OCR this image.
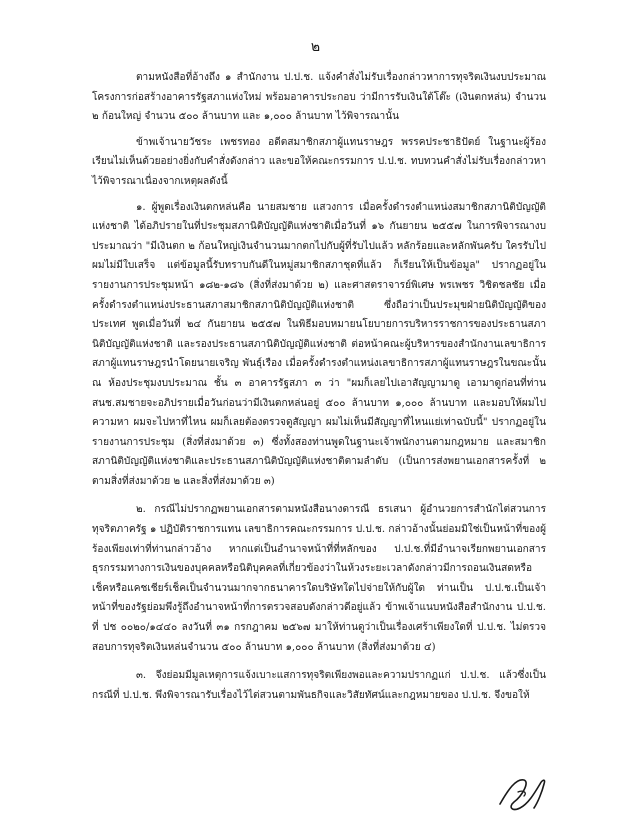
๒

ตามหนังสือที่อ้างถึง ๑ สำนักงาน ป.ป.ช. แจ้งคำสั่งไม่รับเรื่องกล่าวหาการทุจริตเงินงบประมาณโครงการก่อสร้างอาคารรัฐสภาแห่งใหม่ พร้อมอาคารประกอบ ว่ามีการรับเงินใต้โต๊ะ (เงินตกหล่น) จำนวน ๒ ก้อนใหญ่ จำนวน ๕๐๐ ล้านบาท และ ๑,๐๐๐ ล้านบาท ไว้พิจารณานั้น

ข้าพเจ้านายวัชระ เพชรทอง อดีตสมาชิกสภาผู้แทนราษฎร พรรคประชาธิปัตย์ ในฐานะผู้ร้องเรียนไม่เห็นด้วยอย่างยิ่งกับคำสั่งดังกล่าว และขอให้คณะกรรมการ ป.ป.ช. ทบทวนคำสั่งไม่รับเรื่องกล่าวหาไว้พิจารณาเนื่องจากเหตุผลดังนี้

๑. ผู้พูดเรื่องเงินตกหล่นคือ นายสมชาย แสวงการ เมื่อครั้งดำรงตำแหน่งสมาชิกสภานิติบัญญัติแห่งชาติ ได้อภิปรายในที่ประชุมสภานิติบัญญัติแห่งชาติเมื่อวันที่ ๑๖ กันยายน ๒๕๕๗ ในการพิจารณางบประมาณว่า "มีเงินตก ๒ ก้อนใหญ่เงินจำนวนมากตกไปกับผู้ที่รับไปแล้ว หลักร้อยและหลักพันครับ ใครรับไปผมไม่มีใบเสร็จ แต่ข้อมูลนี้รับทราบกันดีในหมู่สมาชิกสภาชุดที่แล้ว ก็เรียนให้เป็นข้อมูล" ปรากฏอยู่ในรายงานการประชุมหน้า ๑๘๒-๑๘๖ (สิ่งที่ส่งมาด้วย ๒) และศาสตราจารย์พิเศษ พรเพชร วิชิตชลชัย เมื่อครั้งดำรงตำแหน่งประธานสภาสมาชิกสภานิติบัญญัติแห่งชาติ ซึ่งถือว่าเป็นประมุขฝ่ายนิติบัญญัติของประเทศ พูดเมื่อวันที่ ๒๔ กันยายน ๒๕๕๗ ในพิธีมอบหมายนโยบายการบริหารราชการของประธานสภานิติบัญญัติแห่งชาติ และรองประธานสภานิติบัญญัติแห่งชาติ ต่อหน้าคณะผู้บริหารของสำนักงานเลขาธิการสภาผู้แทนราษฎรนำโดยนายเจริญ พันธุ์เรือง เมื่อครั้งดำรงตำแหน่งเลขาธิการสภาผู้แทนราษฎรในขณะนั้น ณ ห้องประชุมงบประมาณ ชั้น ๓ อาคารรัฐสภา ๓ ว่า "ผมก็เลยไปเอาสัญญามาดู เอามาดูก่อนที่ท่าน สนช.สมชายจะอภิปรายเมื่อวันก่อนว่ามีเงินตกหล่นอยู่ ๕๐๐ ล้านบาท ๑,๐๐๐ ล้านบาท และมอบให้ผมไปความหา ผมจะไปหาที่ไหน ผมก็เลยต้องตรวจดูสัญญา ผมไม่เห็นมีสัญญาที่ไหนแย่เท่าฉบับนี้" ปรากฏอยู่ในรายงานการประชุม (สิ่งที่ส่งมาด้วย ๓) ซึ่งทั้งสองท่านพูดในฐานะเจ้าพนักงานตามกฎหมาย และสมาชิกสภานิติบัญญัติแห่งชาติและประธานสภานิติบัญญัติแห่งชาติตามลำดับ (เป็นการส่งพยานเอกสารครั้งที่ ๒ ตามสิ่งที่ส่งมาด้วย ๒ และสิ่งที่ส่งมาด้วย ๓)

๒. กรณีไม่ปรากฏพยานเอกสารตามหนังสือนางดารณี ธรเสนา ผู้อำนวยการสำนักไต่สวนการทุจริตภาครัฐ ๑ ปฏิบัติราชการแทน เลขาธิการคณะกรรมการ ป.ป.ช. กล่าวอ้างนั้นย่อมมิใช่เป็นหน้าที่ของผู้ร้องเพียงเท่าที่ท่านกล่าวอ้าง หากแต่เป็นอำนาจหน้าที่ที่หลักของ ป.ป.ช.ที่มีอำนาจเรียกพยานเอกสารธุรกรรมทางการเงินของบุคคลหรือนิติบุคคลที่เกี่ยวข้องว่าในห้วงระยะเวลาดังกล่าวมีการถอนเงินสดหรือเช็คหรือแคชเชียร์เช็คเป็นจำนวนมากจากธนาคารใดบริษัทใดไปจ่ายให้กับผู้ใด ท่านเป็น ป.ป.ช.เป็นเจ้าหน้าที่ของรัฐย่อมพึงรู้ถึงอำนาจหน้าที่การตรวจสอบดังกล่าวดีอยู่แล้ว ข้าพเจ้าแนบหนังสือสำนักงาน ป.ป.ช. ที่ ปช ๐๐๒๐/๑๔๔๐ ลงวันที่ ๓๑ กรกฎาคม ๒๕๖๗ มาให้ท่านดูว่าเป็นเรื่องเศร้าเพียงใดที่ ป.ป.ช. ไม่ตรวจสอบการทุจริตเงินหล่นจำนวน ๕๐๐ ล้านบาท ๑,๐๐๐ ล้านบาท (สิ่งที่ส่งมาด้วย ๔)

๓. จึงย่อมมีมูลเหตุการแจ้งเบาะแสการทุจริตเพียงพอและความปรากฏแก่ ป.ป.ช. แล้วซึ่งเป็นกรณีที่ ป.ป.ช. พึงพิจารณารับเรื่องไว้ไต่สวนตามพันธกิจและวิสัยทัศน์และกฎหมายของ ป.ป.ช. จึงขอให้
